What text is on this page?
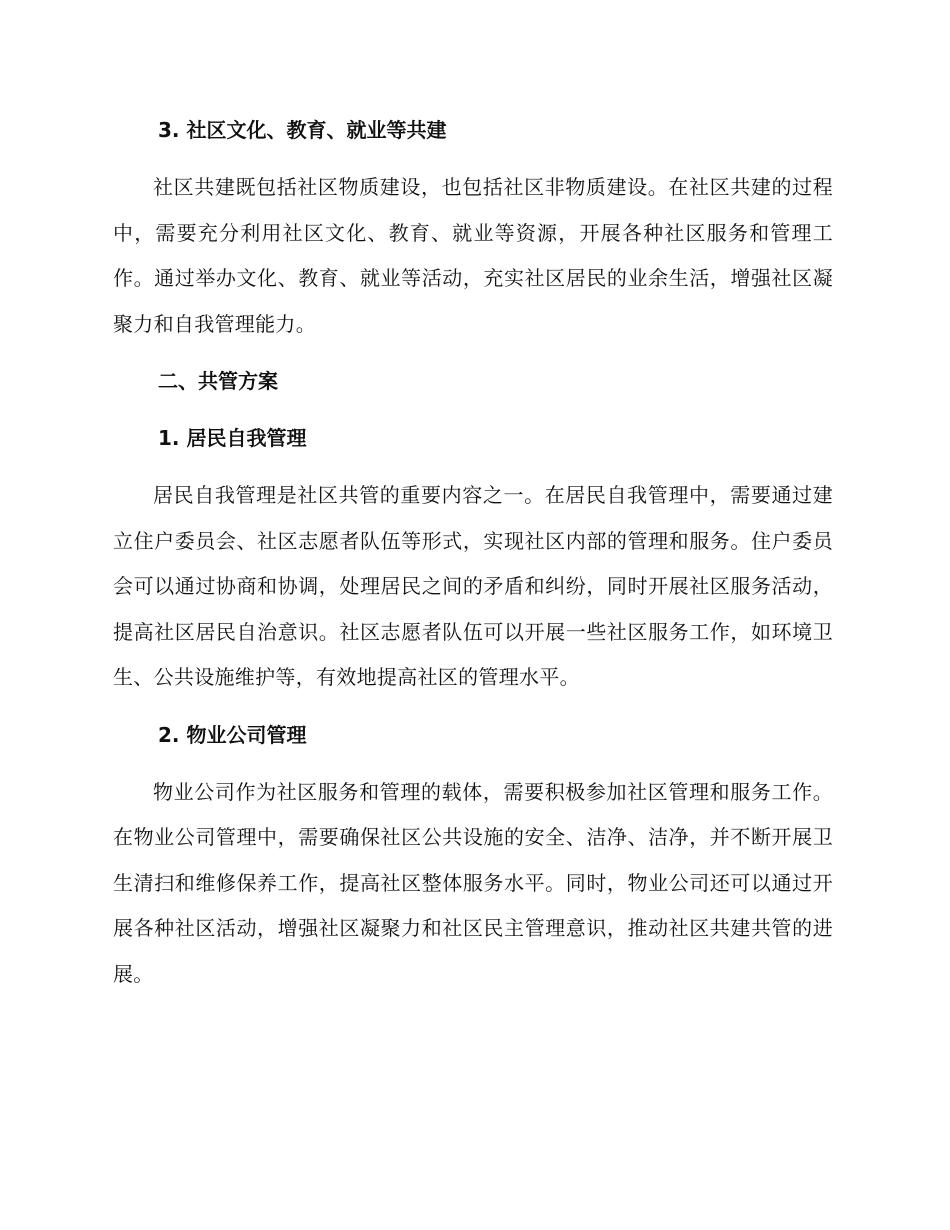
3. 社区文化、教育、就业等共建

社区共建既包括社区物质建设，也包括社区非物质建设。在社区共建的过程中，需要充分利用社区文化、教育、就业等资源，开展各种社区服务和管理工作。通过举办文化、教育、就业等活动，充实社区居民的业余生活，增强社区凝聚力和自我管理能力。

二、共管方案
1. 居民自我管理

居民自我管理是社区共管的重要内容之一。在居民自我管理中，需要通过建立住户委员会、社区志愿者队伍等形式，实现社区内部的管理和服务。住户委员会可以通过协商和协调，处理居民之间的矛盾和纠纷，同时开展社区服务活动，提高社区居民自治意识。社区志愿者队伍可以开展一些社区服务工作，如环境卫生、公共设施维护等，有效地提高社区的管理水平。

2. 物业公司管理

物业公司作为社区服务和管理的载体，需要积极参加社区管理和服务工作。在物业公司管理中，需要确保社区公共设施的安全、洁净、洁净，并不断开展卫生清扫和维修保养工作，提高社区整体服务水平。同时，物业公司还可以通过开展各种社区活动，增强社区凝聚力和社区民主管理意识，推动社区共建共管的进展。
